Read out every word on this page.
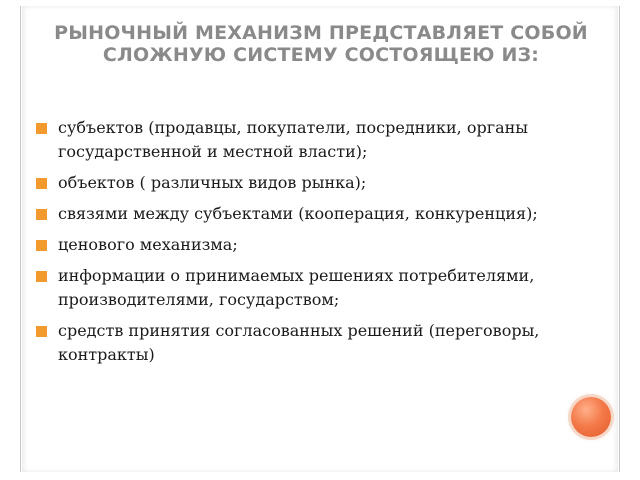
РЫНОЧНЫЙ МЕХАНИЗМ ПРЕДСТАВЛЯЕТ СОБОЙ СЛОЖНУЮ СИСТЕМУ СОСТОЯЩЕЮ ИЗ:
субъектов (продавцы, покупатели, посредники, органы государственной и местной власти);
объектов ( различных видов рынка);
связями между субъектами (кооперация, конкуренция);
ценового механизма;
информации о принимаемых решениях потребителями, производителями, государством;
средств принятия согласованных решений (переговоры, контракты)
